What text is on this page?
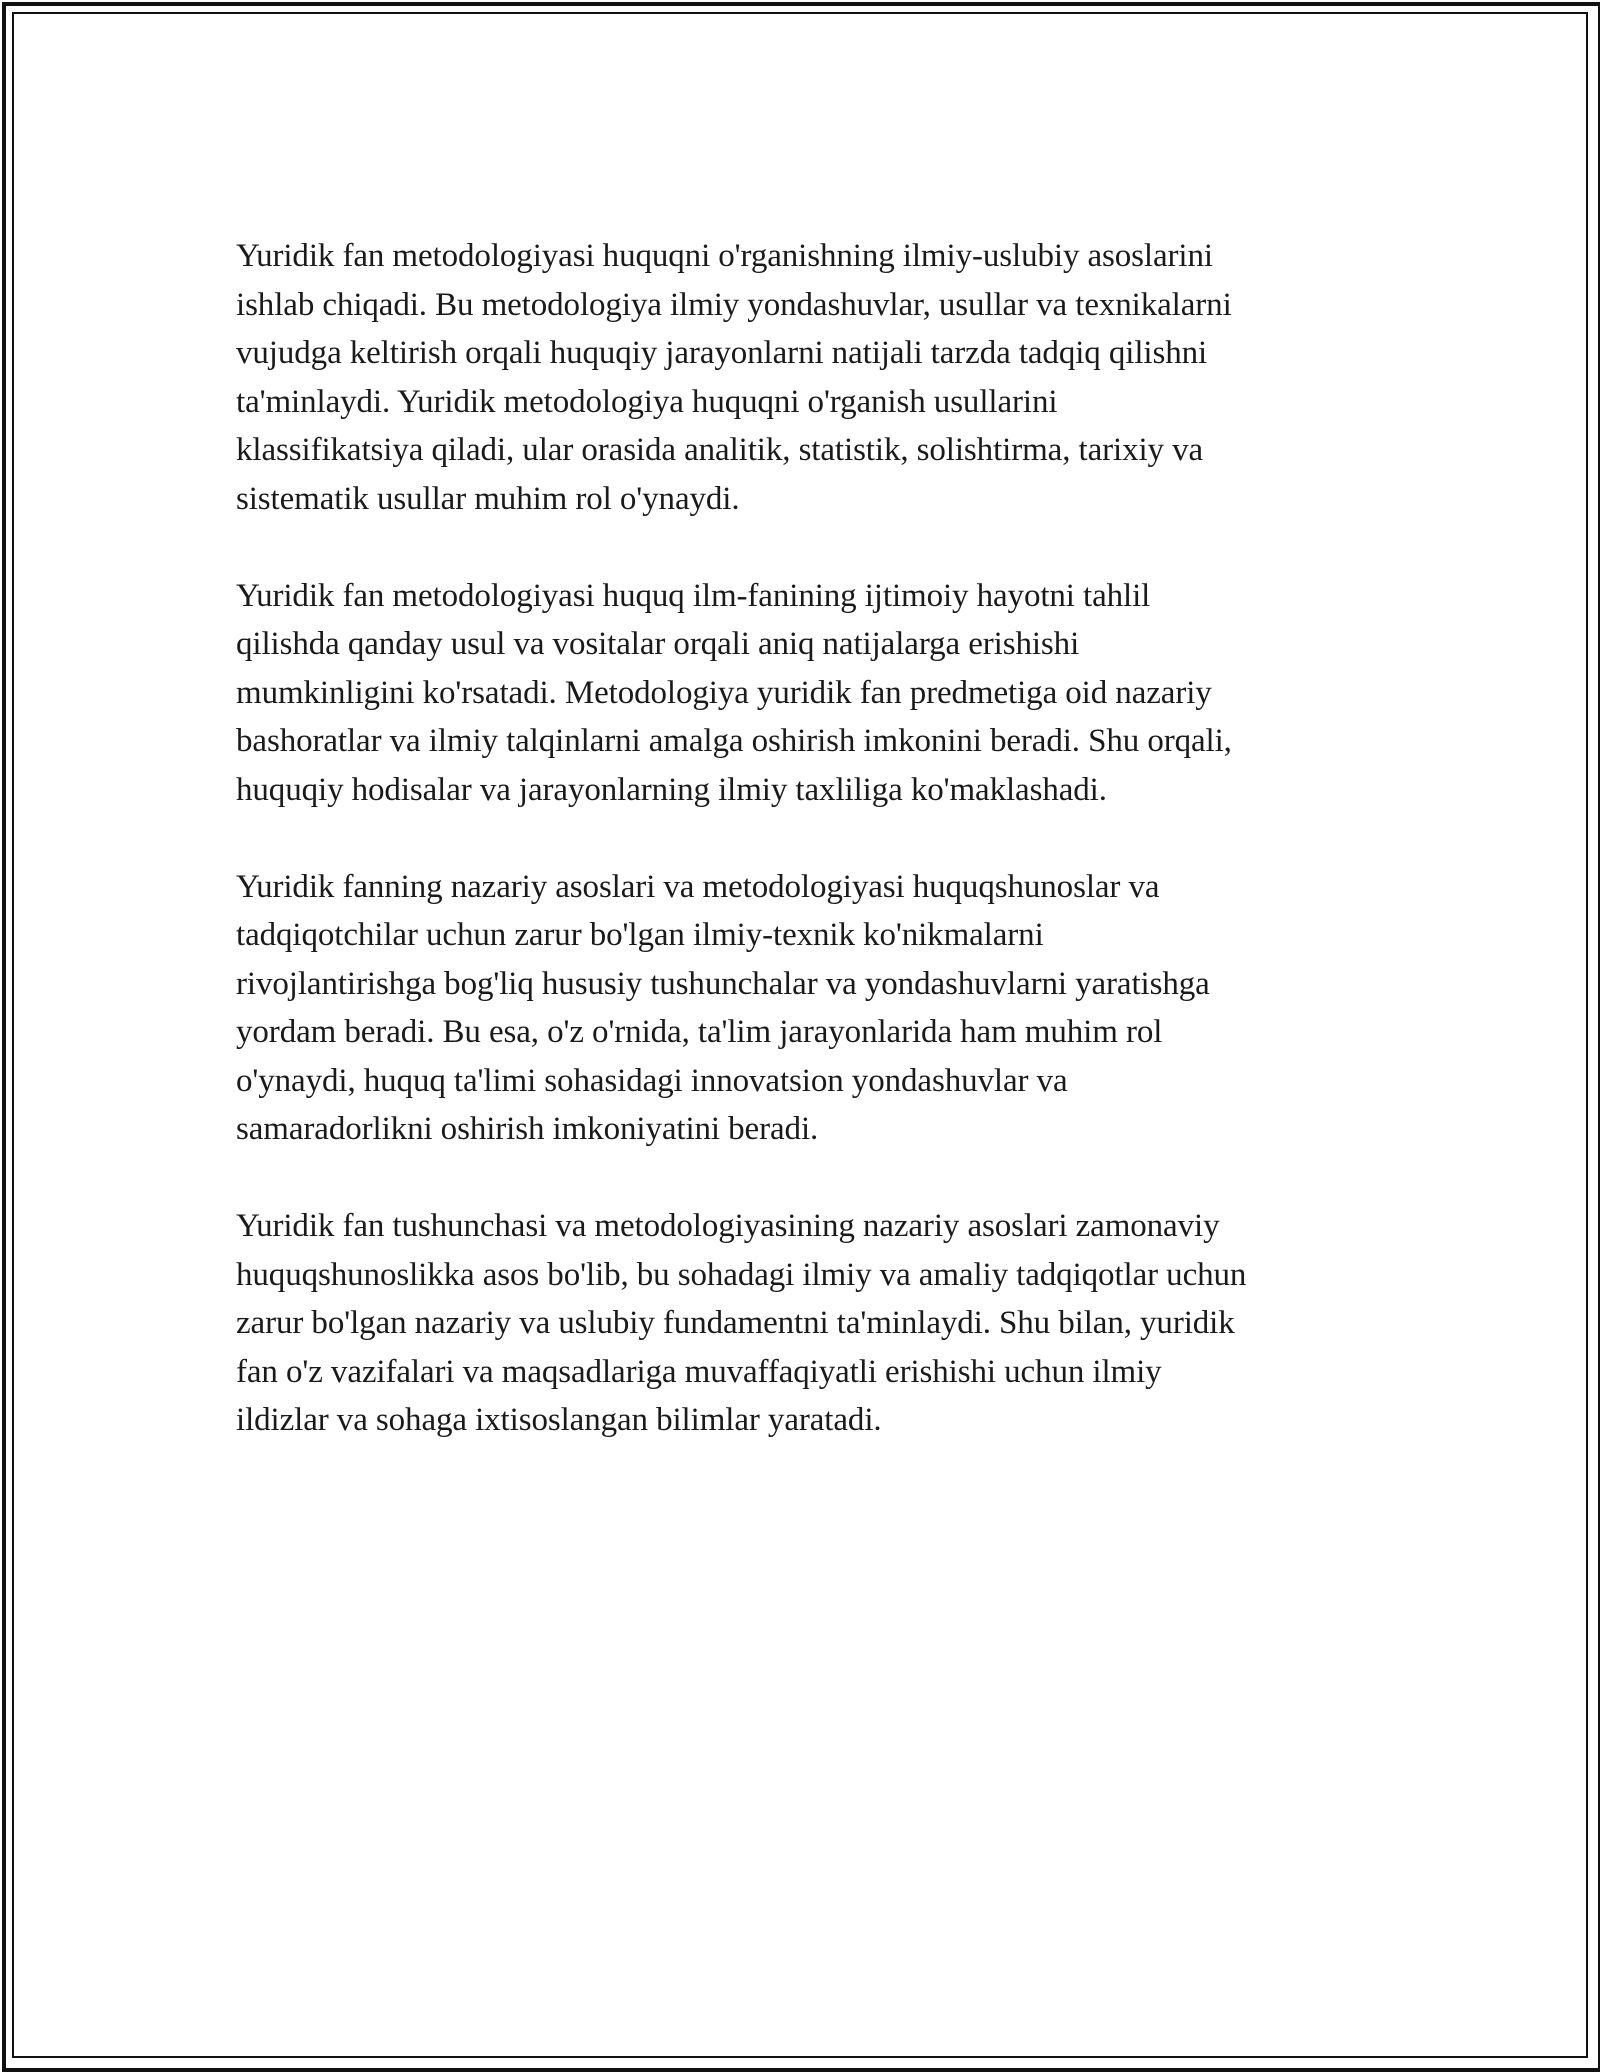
Yuridik fan metodologiyasi huquqni o'rganishning ilmiy-uslubiy asoslarini
ishlab chiqadi. Bu metodologiya ilmiy yondashuvlar, usullar va texnikalarni
vujudga keltirish orqali huquqiy jarayonlarni natijali tarzda tadqiq qilishni
ta'minlaydi. Yuridik metodologiya huquqni o'rganish usullarini
klassifikatsiya qiladi, ular orasida analitik, statistik, solishtirma, tarixiy va
sistematik usullar muhim rol o'ynaydi.

Yuridik fan metodologiyasi huquq ilm-fanining ijtimoiy hayotni tahlil
qilishda qanday usul va vositalar orqali aniq natijalarga erishishi
mumkinligini ko'rsatadi. Metodologiya yuridik fan predmetiga oid nazariy
bashoratlar va ilmiy talqinlarni amalga oshirish imkonini beradi. Shu orqali,
huquqiy hodisalar va jarayonlarning ilmiy taxliliga ko'maklashadi.

Yuridik fanning nazariy asoslari va metodologiyasi huquqshunoslar va
tadqiqotchilar uchun zarur bo'lgan ilmiy-texnik ko'nikmalarni
rivojlantirishga bog'liq hususiy tushunchalar va yondashuvlarni yaratishga
yordam beradi. Bu esa, o'z o'rnida, ta'lim jarayonlarida ham muhim rol
o'ynaydi, huquq ta'limi sohasidagi innovatsion yondashuvlar va
samaradorlikni oshirish imkoniyatini beradi.

Yuridik fan tushunchasi va metodologiyasining nazariy asoslari zamonaviy
huquqshunoslikka asos bo'lib, bu sohadagi ilmiy va amaliy tadqiqotlar uchun
zarur bo'lgan nazariy va uslubiy fundamentni ta'minlaydi. Shu bilan, yuridik
fan o'z vazifalari va maqsadlariga muvaffaqiyatli erishishi uchun ilmiy
ildizlar va sohaga ixtisoslangan bilimlar yaratadi.
